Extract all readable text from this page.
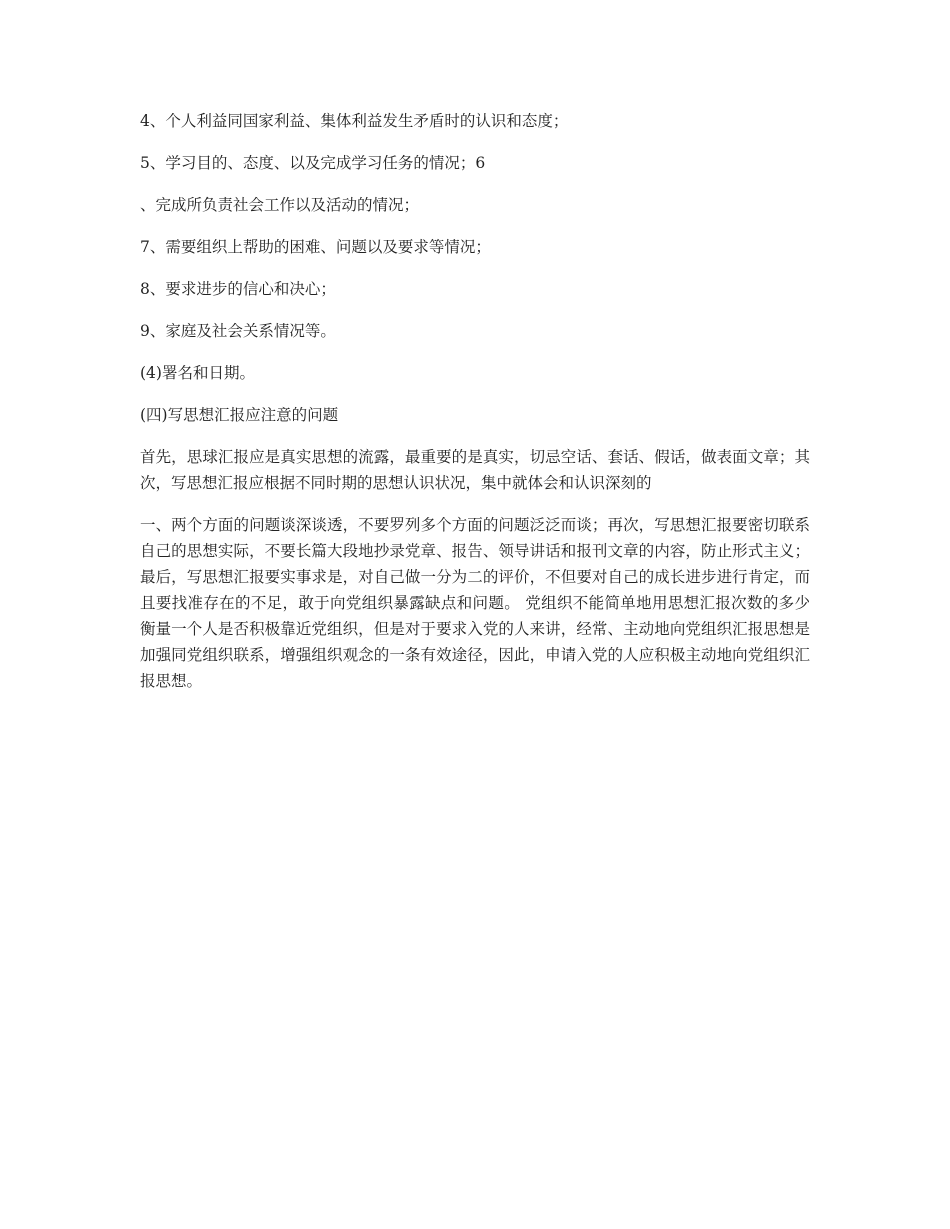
4、个人利益同国家利益、集体利益发生矛盾时的认识和态度；

5、学习目的、态度、以及完成学习任务的情况；6

、完成所负责社会工作以及活动的情况；

7、需要组织上帮助的困难、问题以及要求等情况；

8、要求进步的信心和决心；

9、家庭及社会关系情况等。

(4)署名和日期。

(四)写思想汇报应注意的问题

首先，思球汇报应是真实思想的流露，最重要的是真实，切忌空话、套话、假话，做表面文章；其次，写思想汇报应根据不同时期的思想认识状况，集中就体会和认识深刻的

一、两个方面的问题谈深谈透，不要罗列多个方面的问题泛泛而谈；再次，写思想汇报要密切联系自己的思想实际，不要长篇大段地抄录党章、报告、领导讲话和报刊文章的内容，防止形式主义；最后，写思想汇报要实事求是，对自己做一分为二的评价，不但要对自己的成长进步进行肯定，而且要找准存在的不足，敢于向党组织暴露缺点和问题。 党组织不能简单地用思想汇报次数的多少衡量一个人是否积极靠近党组织，但是对于要求入党的人来讲，经常、主动地向党组织汇报思想是加强同党组织联系，增强组织观念的一条有效途径，因此，申请入党的人应积极主动地向党组织汇报思想。
